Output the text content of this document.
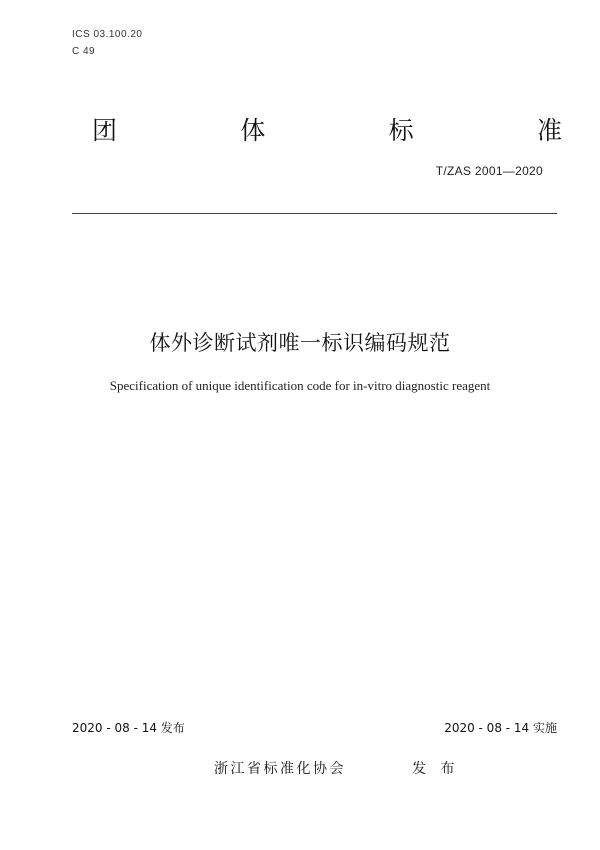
ICS 03.100.20
C 49
团	体	标	准
T/ZAS 2001—2020
体外诊断试剂唯一标识编码规范
Specification of unique identification code for in-vitro diagnostic reagent
2020 - 08 - 14 发布	2020 - 08 - 14 实施
浙江省标准化协会	发 布
